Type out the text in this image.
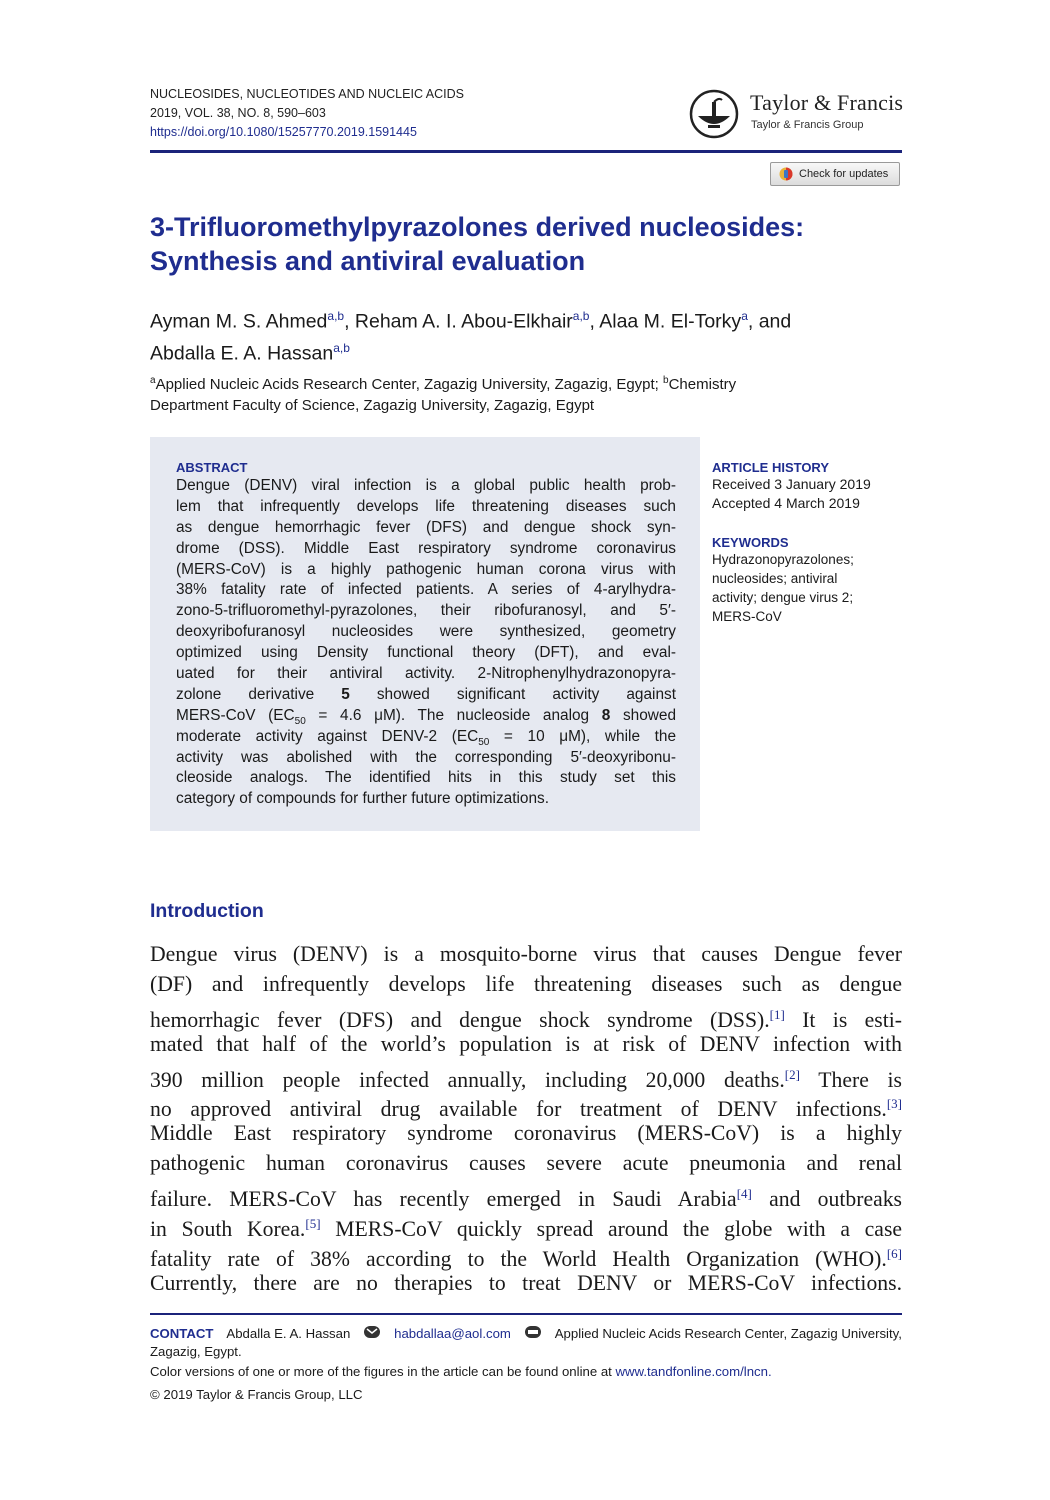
NUCLEOSIDES, NUCLEOTIDES AND NUCLEIC ACIDS
2019, VOL. 38, NO. 8, 590–603
https://doi.org/10.1080/15257770.2019.1591445
Taylor & Francis
Taylor & Francis Group
Check for updates
3-Trifluoromethylpyrazolones derived nucleosides:
Synthesis and antiviral evaluation
Ayman M. S. Ahmed$^{a,b}$, Reham A. I. Abou-Elkhair$^{a,b}$, Alaa M. El-Torky$^a$, and
Abdalla E. A. Hassan$^{a,b}$
$^a$Applied Nucleic Acids Research Center, Zagazig University, Zagazig, Egypt; $^b$Chemistry
Department Faculty of Science, Zagazig University, Zagazig, Egypt
ABSTRACT
Dengue (DENV) viral infection is a global public health prob-
lem that infrequently develops life threatening diseases such
as dengue hemorrhagic fever (DFS) and dengue shock syn-
drome (DSS). Middle East respiratory syndrome coronavirus
(MERS-CoV) is a highly pathogenic human corona virus with
38% fatality rate of infected patients. A series of 4-arylhydra-
zono-5-trifluoromethyl-pyrazolones, their ribofuranosyl, and 5′-
deoxyribofuranosyl nucleosides were synthesized, geometry
optimized using Density functional theory (DFT), and eval-
uated for their antiviral activity. 2-Nitrophenylhydrazonopyra-
zolone derivative 5 showed significant activity against
MERS-CoV ($EC_{50} = 4.6$ μM). The nucleoside analog 8 showed
moderate activity against DENV-2 ($EC_{50} = 10$ μM), while the
activity was abolished with the corresponding 5′-deoxyribonu-
cleoside analogs. The identified hits in this study set this
category of compounds for further future optimizations.
ARTICLE HISTORY
Received 3 January 2019
Accepted 4 March 2019
KEYWORDS
Hydrazonopyrazolones;
nucleosides; antiviral
activity; dengue virus 2;
MERS-CoV
Introduction
Dengue virus (DENV) is a mosquito-borne virus that causes Dengue fever
(DF) and infrequently develops life threatening diseases such as dengue
hemorrhagic fever (DFS) and dengue shock syndrome (DSS).[1] It is esti-
mated that half of the world’s population is at risk of DENV infection with
390 million people infected annually, including 20,000 deaths.[2] There is
no approved antiviral drug available for treatment of DENV infections.[3]
Middle East respiratory syndrome coronavirus (MERS-CoV) is a highly
pathogenic human coronavirus causes severe acute pneumonia and renal
failure. MERS-CoV has recently emerged in Saudi Arabia[4] and outbreaks
in South Korea.[5] MERS-CoV quickly spread around the globe with a case
fatality rate of 38% according to the World Health Organization (WHO).[6]
Currently, there are no therapies to treat DENV or MERS-CoV infections.
CONTACT Abdalla E. A. Hassan	habdallaa@aol.com	Applied Nucleic Acids Research Center, Zagazig University,
Zagazig, Egypt.
Color versions of one or more of the figures in the article can be found online at www.tandfonline.com/lncn.
© 2019 Taylor & Francis Group, LLC
